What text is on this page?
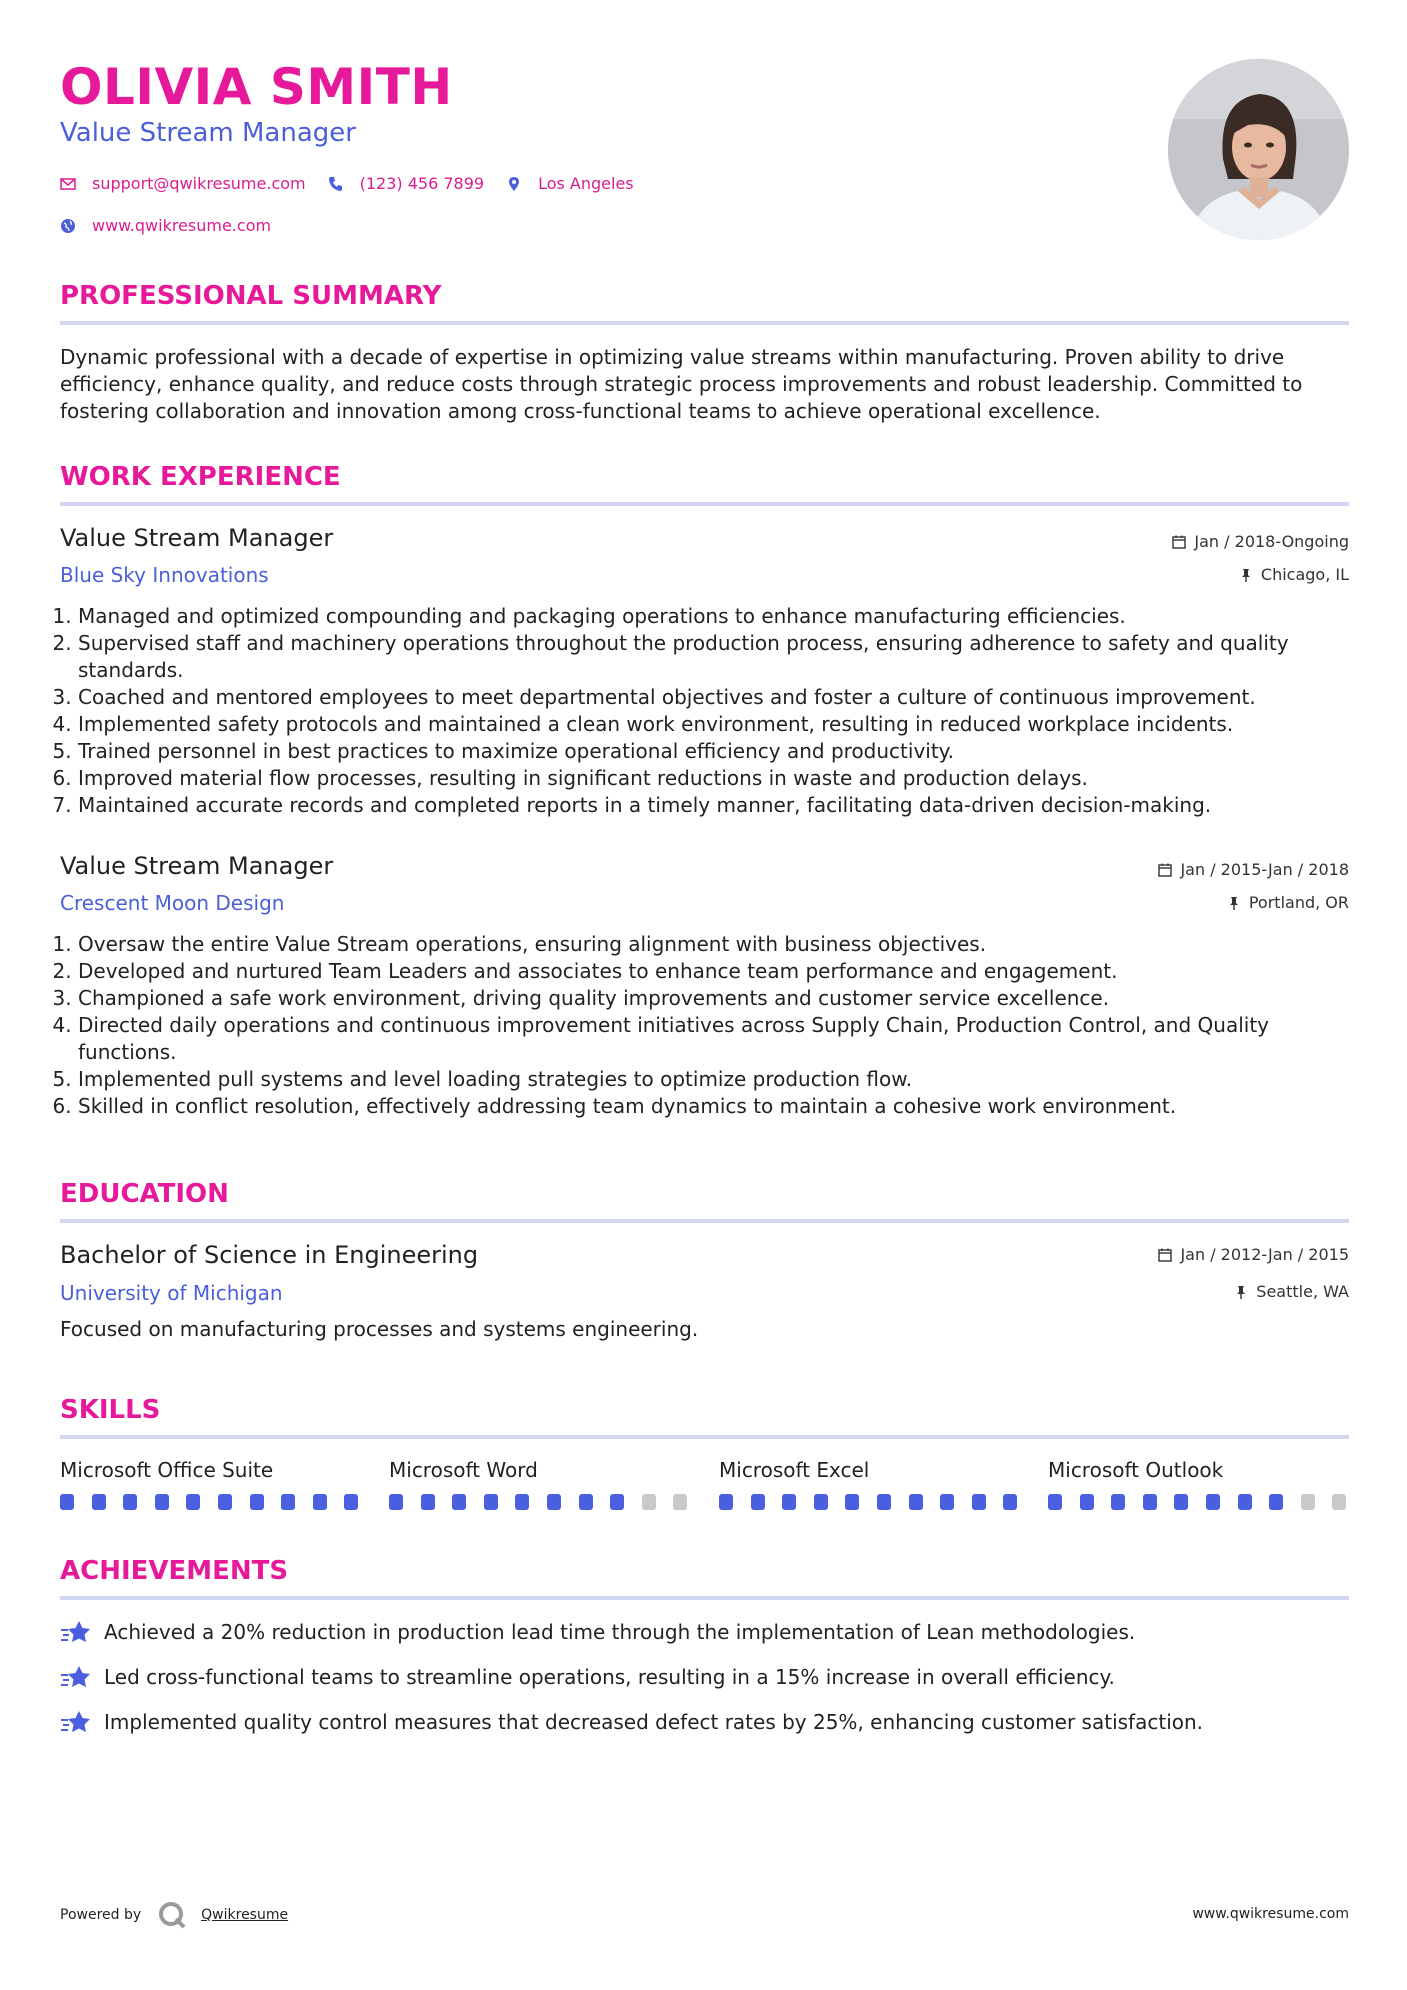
OLIVIA SMITH
Value Stream Manager
support@qwikresume.com	(123) 456 7899	Los Angeles
www.qwikresume.com
PROFESSIONAL SUMMARY
Dynamic professional with a decade of expertise in optimizing value streams within manufacturing. Proven ability to drive efficiency, enhance quality, and reduce costs through strategic process improvements and robust leadership. Committed to fostering collaboration and innovation among cross-functional teams to achieve operational excellence.
WORK EXPERIENCE
Value Stream Manager
Blue Sky Innovations
Jan / 2018-Ongoing
Chicago, IL
1. Managed and optimized compounding and packaging operations to enhance manufacturing efficiencies.
2. Supervised staff and machinery operations throughout the production process, ensuring adherence to safety and quality standards.
3. Coached and mentored employees to meet departmental objectives and foster a culture of continuous improvement.
4. Implemented safety protocols and maintained a clean work environment, resulting in reduced workplace incidents.
5. Trained personnel in best practices to maximize operational efficiency and productivity.
6. Improved material flow processes, resulting in significant reductions in waste and production delays.
7. Maintained accurate records and completed reports in a timely manner, facilitating data-driven decision-making.
Value Stream Manager
Crescent Moon Design
Jan / 2015-Jan / 2018
Portland, OR
1. Oversaw the entire Value Stream operations, ensuring alignment with business objectives.
2. Developed and nurtured Team Leaders and associates to enhance team performance and engagement.
3. Championed a safe work environment, driving quality improvements and customer service excellence.
4. Directed daily operations and continuous improvement initiatives across Supply Chain, Production Control, and Quality functions.
5. Implemented pull systems and level loading strategies to optimize production flow.
6. Skilled in conflict resolution, effectively addressing team dynamics to maintain a cohesive work environment.
EDUCATION
Bachelor of Science in Engineering
University of Michigan
Jan / 2012-Jan / 2015
Seattle, WA
Focused on manufacturing processes and systems engineering.
SKILLS
Microsoft Office Suite	Microsoft Word	Microsoft Excel	Microsoft Outlook
ACHIEVEMENTS
Achieved a 20% reduction in production lead time through the implementation of Lean methodologies.
Led cross-functional teams to streamline operations, resulting in a 15% increase in overall efficiency.
Implemented quality control measures that decreased defect rates by 25%, enhancing customer satisfaction.
Powered by	Qwikresume	www.qwikresume.com
